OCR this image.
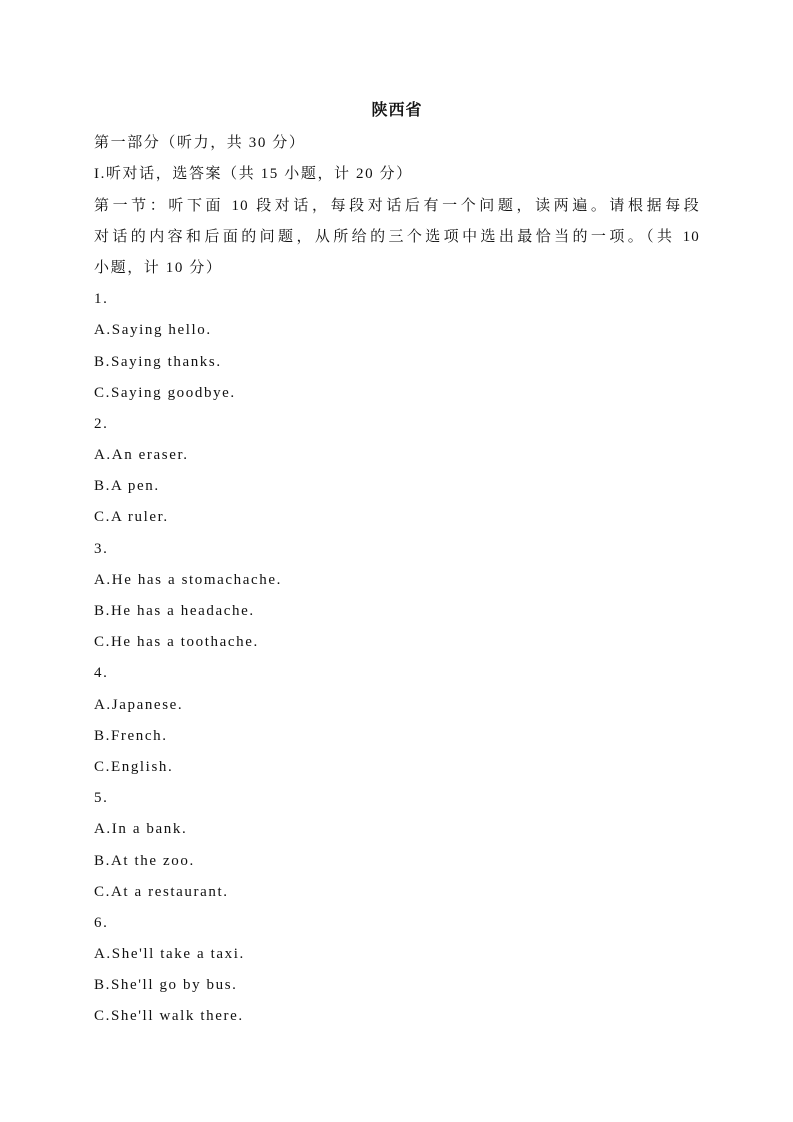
陕西省
第一部分（听力，共 30 分）
I.听对话，选答案（共 15 小题，计 20 分）
第一节：听下面 10 段对话，每段对话后有一个问题，读两遍。请根据每段
对话的内容和后面的问题，从所给的三个选项中选出最恰当的一项。（共 10
小题，计 10 分）
1.
A.Saying hello.
B.Saying thanks.
C.Saying goodbye.
2.
A.An eraser.
B.A pen.
C.A ruler.
3.
A.He has a stomachache.
B.He has a headache.
C.He has a toothache.
4.
A.Japanese.
B.French.
C.English.
5.
A.In a bank.
B.At the zoo.
C.At a restaurant.
6.
A.She'll take a taxi.
B.She'll go by bus.
C.She'll walk there.
